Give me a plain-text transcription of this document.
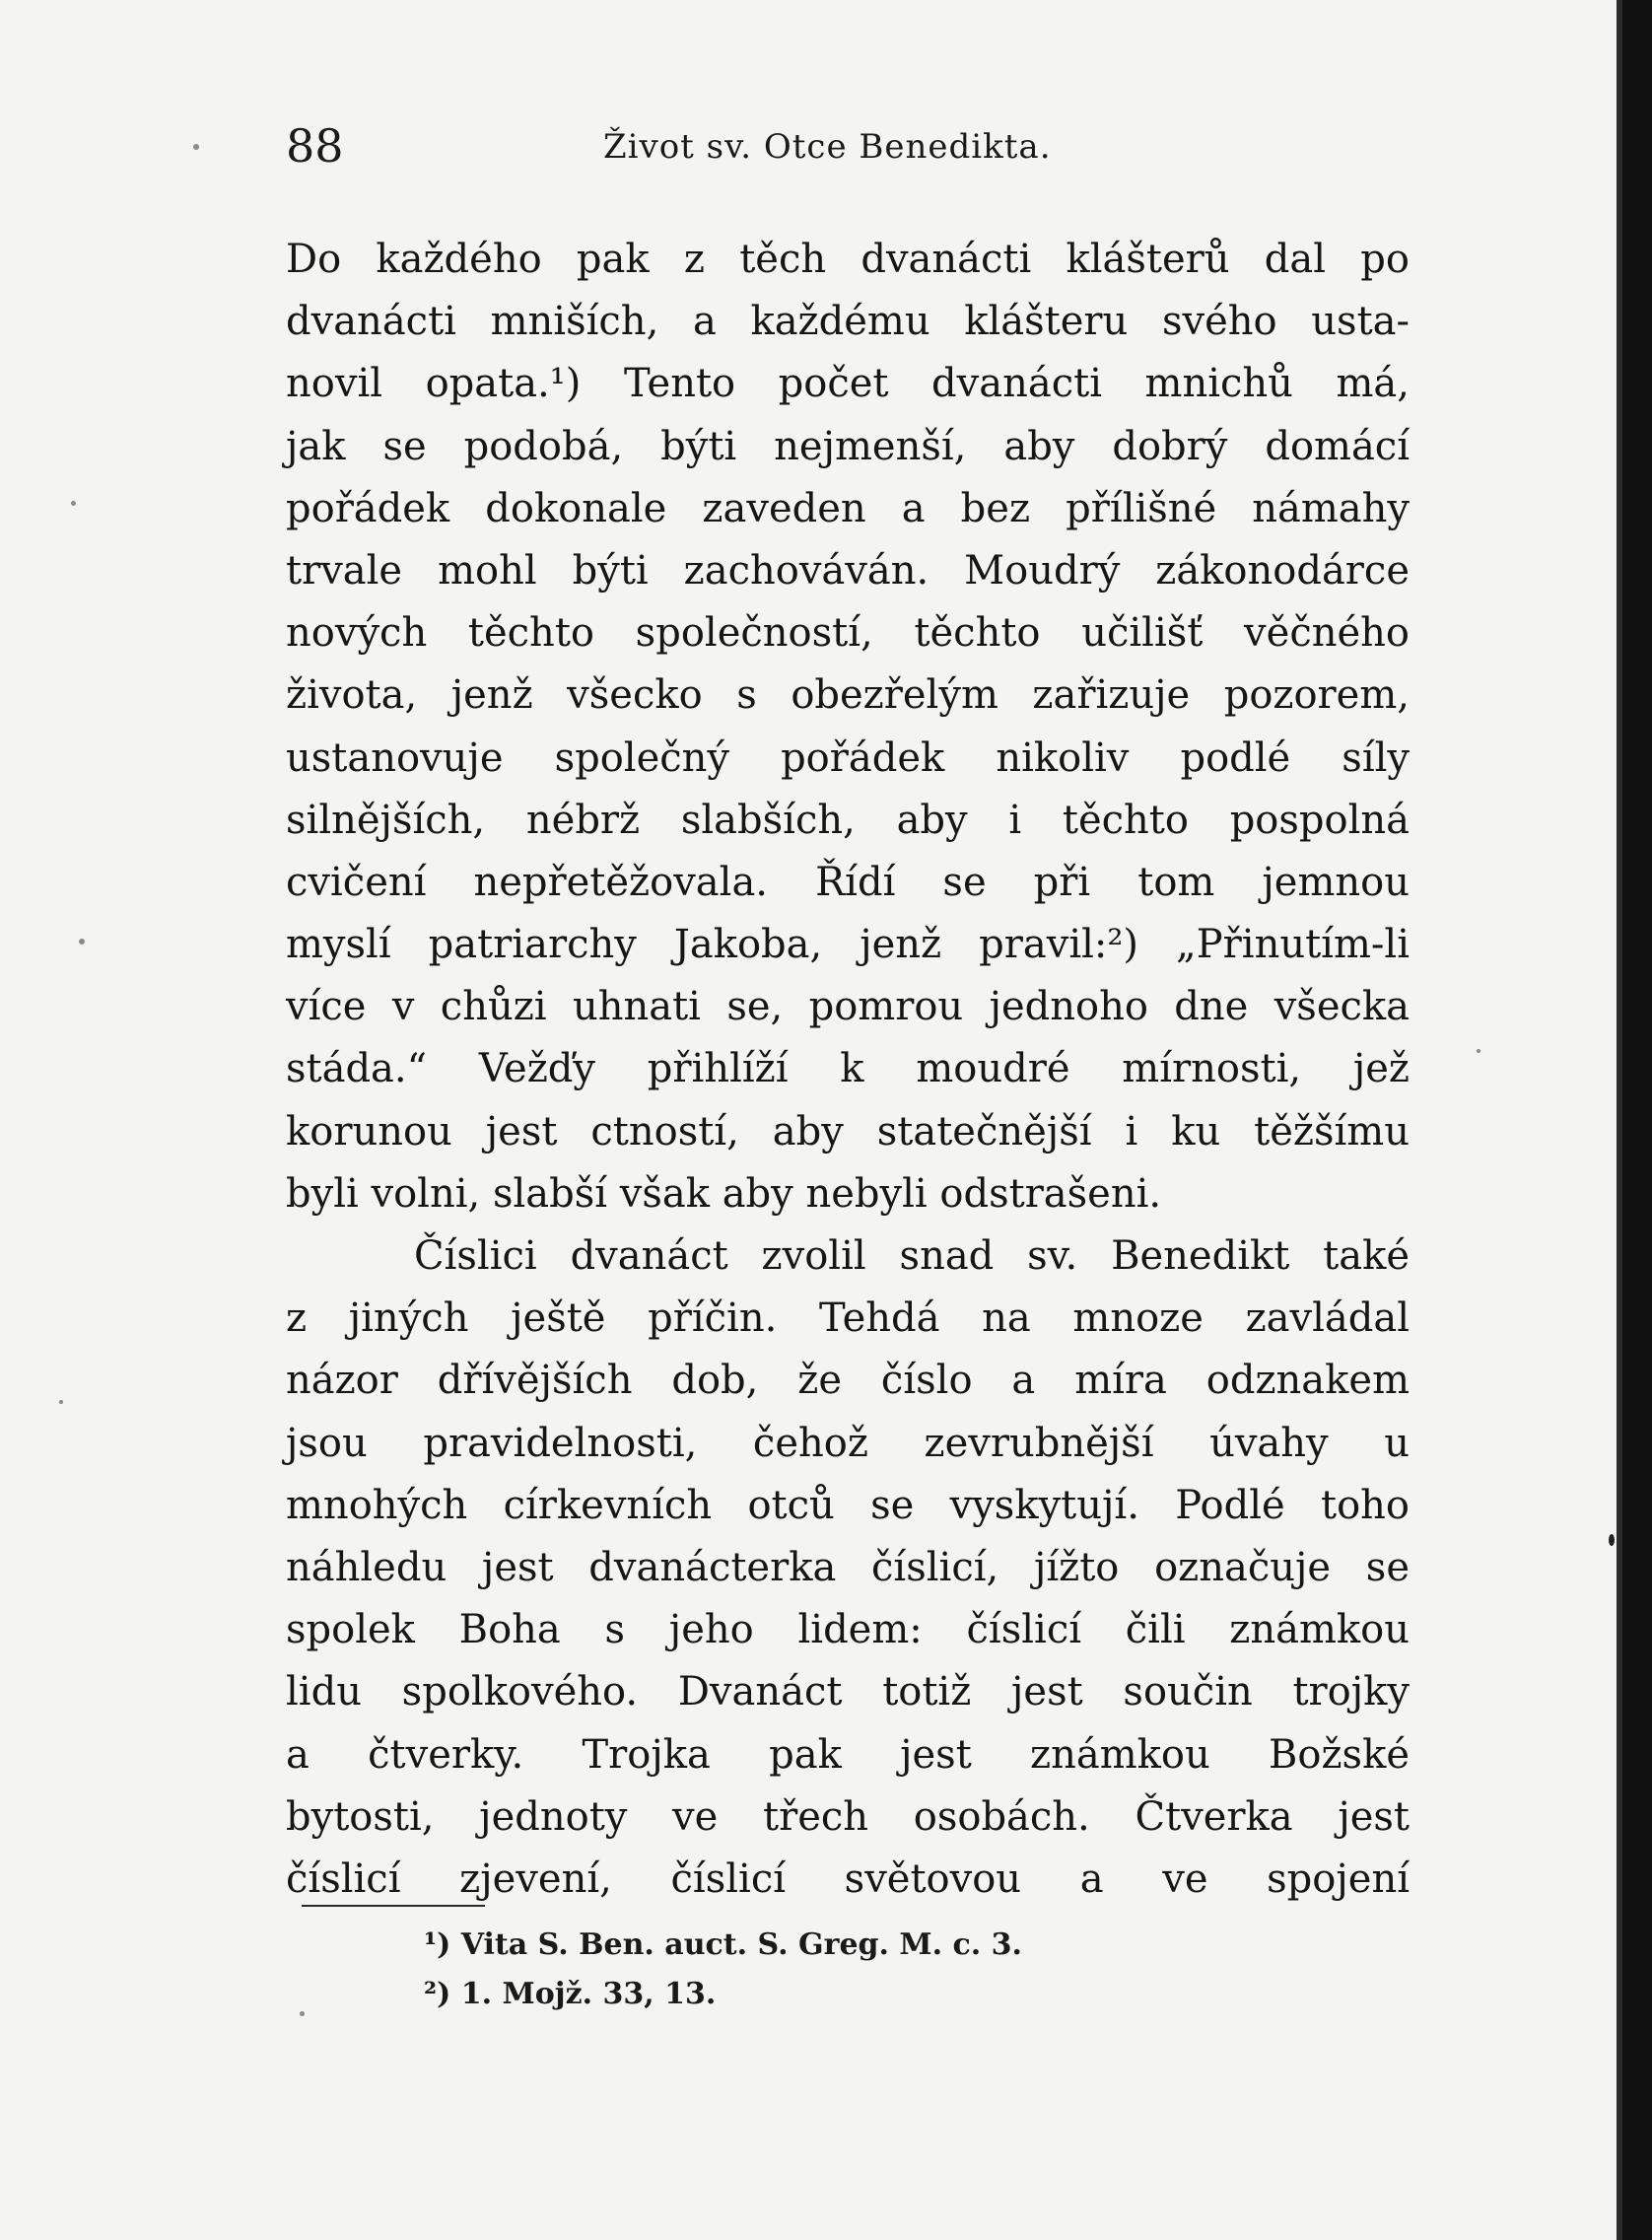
88	Život sv. Otce Benedikta.
Do každého pak z těch dvanácti klášterů dal po
dvanácti mniších, a každému klášteru svého usta-
novil opata.¹) Tento počet dvanácti mnichů má,
jak se podobá, býti nejmenší, aby dobrý domácí
pořádek dokonale zaveden a bez přílišné námahy
trvale mohl býti zachováván. Moudrý zákonodárce
nových těchto společností, těchto učilišť věčného
života, jenž všecko s obezřelým zařizuje pozorem,
ustanovuje společný pořádek nikoliv podlé síly
silnějších, nébrž slabších, aby i těchto pospolná
cvičení nepřetěžovala. Řídí se při tom jemnou
myslí patriarchy Jakoba, jenž pravil:²) „Přinutím-li
více v chůzi uhnati se, pomrou jednoho dne všecka
stáda.“ Vežďy přihlíží k moudré mírnosti, jež
korunou jest ctností, aby statečnější i ku těžšímu
byli volni, slabší však aby nebyli odstrašeni.
Číslici dvanáct zvolil snad sv. Benedikt také
z jiných ještě příčin. Tehdá na mnoze zavládal
názor dřívějších dob, že číslo a míra odznakem
jsou pravidelnosti, čehož zevrubnější úvahy u
mnohých církevních otců se vyskytují. Podlé toho
náhledu jest dvanácterka číslicí, jížto označuje se
spolek Boha s jeho lidem: číslicí čili známkou
lidu spolkového. Dvanáct totiž jest součin trojky
a čtverky. Trojka pak jest známkou Božské
bytosti, jednoty ve třech osobách. Čtverka jest
číslicí zjevení, číslicí světovou a ve spojení
¹) Vita S. Ben. auct. S. Greg. M. c. 3.
²) 1. Mojž. 33, 13.
